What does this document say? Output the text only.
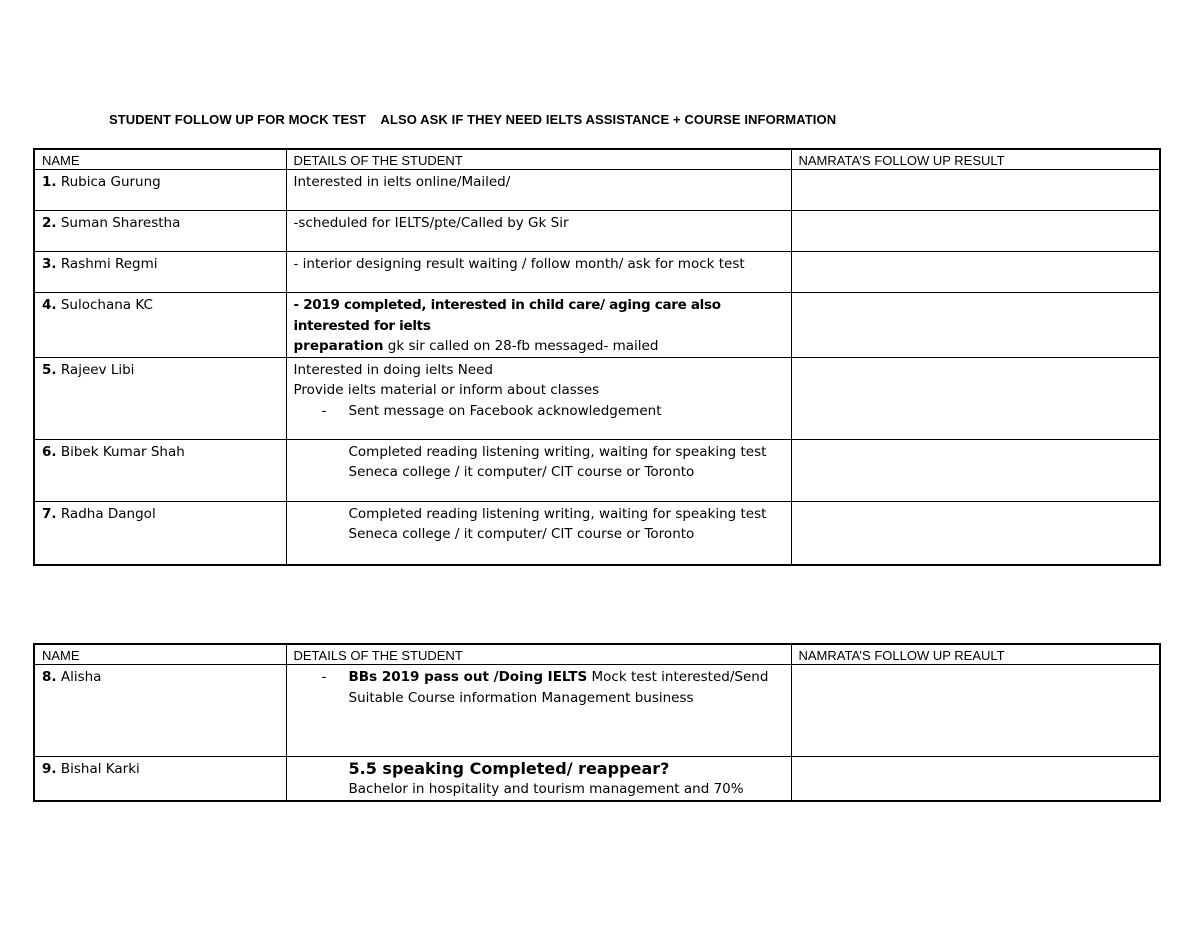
STUDENT FOLLOW UP FOR MOCK TEST    ALSO ASK IF THEY NEED IELTS ASSISTANCE + COURSE INFORMATION
NAME	DETAILS OF THE STUDENT	NAMRATA’S FOLLOW UP RESULT
1. Rubica Gurung	Interested in ielts online/Mailed/	
2. Suman Sharestha	-scheduled for IELTS/pte/Called by Gk Sir	
3. Rashmi Regmi	- interior designing result waiting / follow month/ ask for mock test	
4. Sulochana KC	- 2019 completed, interested in child care/ aging care also interested for ielts
preparation gk sir called on 28-fb messaged- mailed	
5. Rajeev Libi	Interested in doing ielts Need
Provide ielts material or inform about classes
- Sent message on Facebook acknowledgement	

6. Bibek Kumar Shah	Completed reading listening writing, waiting for speaking test
Seneca college / it computer/ CIT course or Toronto	

7. Radha Dangol	Completed reading listening writing, waiting for speaking test
Seneca college / it computer/ CIT course or Toronto	

NAME	DETAILS OF THE STUDENT	NAMRATA’S FOLLOW UP REAULT
8. Alisha	- BBs 2019 pass out /Doing IELTS Mock test interested/Send
Suitable Course information Management business	

9. Bishal Karki	5.5 speaking Completed/ reappear?
Bachelor in hospitality and tourism management and 70%	
